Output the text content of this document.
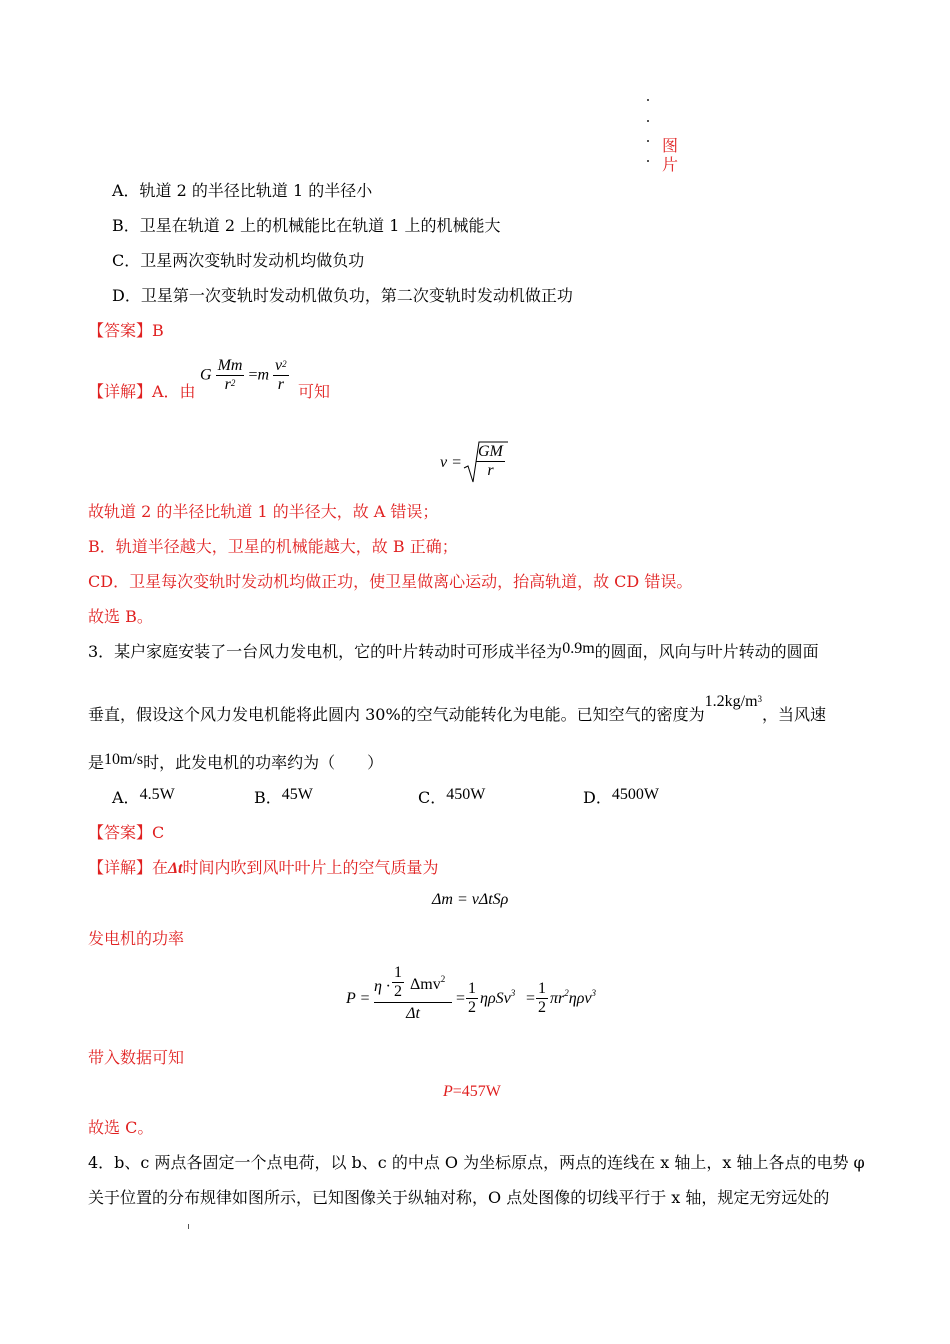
图
片
A．轨道 2 的半径比轨道 1 的半径小
B．卫星在轨道 2 上的机械能比在轨道 1 上的机械能大
C．卫星两次变轨时发动机均做负功
D．卫星第一次变轨时发动机做负功，第二次变轨时发动机做正功
【答案】B
【详解】A．由
G $\frac{Mm}{r^2} =m \frac{v^2}{r}$ 可知
$v = \frac{GM}{r}$
故轨道 2 的半径比轨道 1 的半径大，故 A 错误；
B．轨道半径越大，卫星的机械能越大，故 B 正确；
CD．卫星每次变轨时发动机均做正功，使卫星做离心运动，抬高轨道，故 CD 错误。
故选 B。
3．某户家庭安装了一台风力发电机，它的叶片转动时可形成半径为0.9m的圆面，风向与叶片转动的圆面
垂直，假设这个风力发电机能将此圆内 30%的空气动能转化为电能。已知空气的密度为$1.2kg/m^3$，当风速
是10m/s时，此发电机的功率约为（　　）
A．4.5W	B．45W	C．450W	D．4500W
【答案】C
【详解】在Δt时间内吹到风叶叶片上的空气质量为
Δm = vΔtSρ
发电机的功率
P =
$\eta \cdot \frac{1}{2} \Delta mv^2$
Δt
= $\frac{1}{2} \eta\rho Sv^3 = \frac{1}{2} \pi r^2\eta\rho v^3$
带入数据可知
P=457W
故选 C。
4．b、c 两点各固定一个点电荷，以 b、c 的中点 O 为坐标原点，两点的连线在 x 轴上，x 轴上各点的电势 φ
关于位置的分布规律如图所示，已知图像关于纵轴对称，O 点处图像的切线平行于 x 轴，规定无穷远处的
